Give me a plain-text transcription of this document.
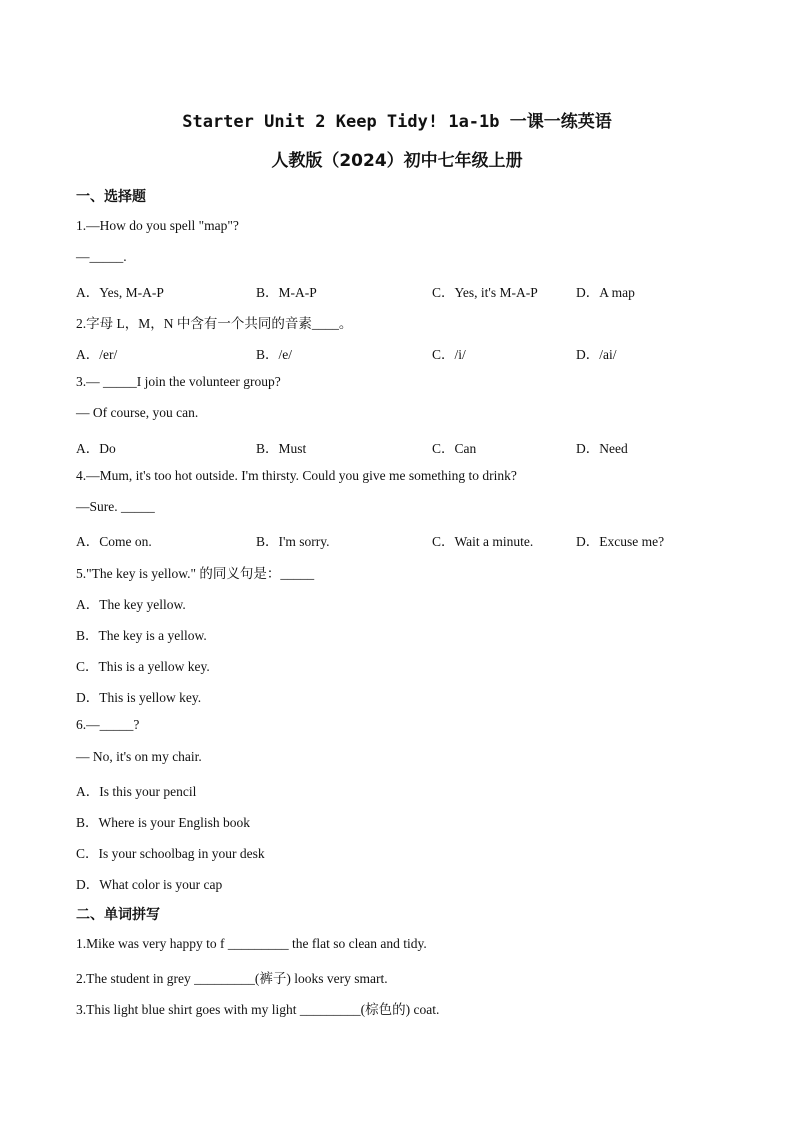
Starter Unit 2 Keep Tidy! 1a-1b 一课一练英语
人教版（2024）初中七年级上册
一、选择题
1.—How do you spell "map"?
—_____.
A．Yes, M-A-P	B．M-A-P	C．Yes, it's M-A-P	D．A map
2.字母 L，M，N 中含有一个共同的音素____。
A．/er/	B．/e/	C．/i/	D．/ai/
3.— _____I join the volunteer group?
— Of course, you can.
A．Do	B．Must	C．Can	D．Need
4.—Mum, it's too hot outside. I'm thirsty. Could you give me something to drink?
—Sure. _____
A．Come on.	B．I'm sorry.	C．Wait a minute.	D．Excuse me?
5."The key is yellow." 的同义句是：_____
A．The key yellow.
B．The key is a yellow.
C．This is a yellow key.
D．This is yellow key.
6.—_____?
— No, it's on my chair.
A．Is this your pencil
B．Where is your English book
C．Is your schoolbag in your desk
D．What color is your cap
二、单词拼写
1.Mike was very happy to f _________ the flat so clean and tidy.
2.The student in grey _________(裤子) looks very smart.
3.This light blue shirt goes with my light _________(棕色的) coat.
